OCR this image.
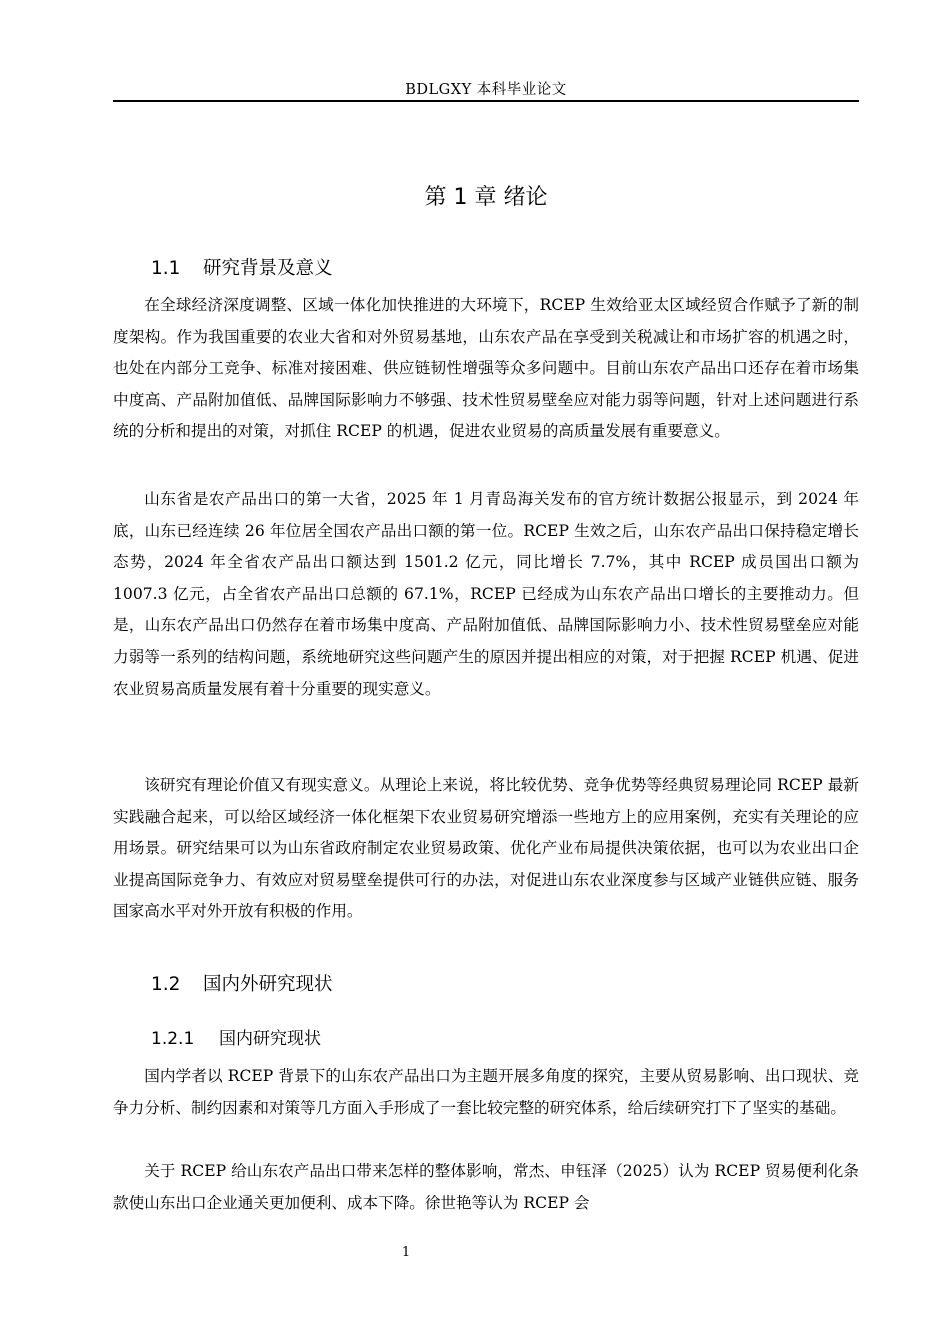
BDLGXY 本科毕业论文
第 1 章 绪论
1.1 研究背景及意义

在全球经济深度调整、区域一体化加快推进的大环境下，RCEP 生效给亚太区域经贸合作赋予了新的制度架构。作为我国重要的农业大省和对外贸易基地，山东农产品在享受到关税减让和市场扩容的机遇之时，也处在内部分工竞争、标准对接困难、供应链韧性增强等众多问题中。目前山东农产品出口还存在着市场集中度高、产品附加值低、品牌国际影响力不够强、技术性贸易壁垒应对能力弱等问题，针对上述问题进行系统的分析和提出的对策，对抓住 RCEP 的机遇，促进农业贸易的高质量发展有重要意义。

山东省是农产品出口的第一大省，2025 年 1 月青岛海关发布的官方统计数据公报显示，到 2024 年底，山东已经连续 26 年位居全国农产品出口额的第一位。RCEP 生效之后，山东农产品出口保持稳定增长态势，2024 年全省农产品出口额达到 1501.2 亿元，同比增长 7.7%，其中 RCEP 成员国出口额为 1007.3 亿元，占全省农产品出口总额的 67.1%，RCEP 已经成为山东农产品出口增长的主要推动力。但是，山东农产品出口仍然存在着市场集中度高、产品附加值低、品牌国际影响力小、技术性贸易壁垒应对能力弱等一系列的结构问题，系统地研究这些问题产生的原因并提出相应的对策，对于把握 RCEP 机遇、促进农业贸易高质量发展有着十分重要的现实意义。

该研究有理论价值又有现实意义。从理论上来说，将比较优势、竞争优势等经典贸易理论同 RCEP 最新实践融合起来，可以给区域经济一体化框架下农业贸易研究增添一些地方上的应用案例，充实有关理论的应用场景。研究结果可以为山东省政府制定农业贸易政策、优化产业布局提供决策依据，也可以为农业出口企业提高国际竞争力、有效应对贸易壁垒提供可行的办法，对促进山东农业深度参与区域产业链供应链、服务国家高水平对外开放有积极的作用。

1.2 国内外研究现状
1.2.1 国内研究现状

国内学者以 RCEP 背景下的山东农产品出口为主题开展多角度的探究，主要从贸易影响、出口现状、竞争力分析、制约因素和对策等几方面入手形成了一套比较完整的研究体系，给后续研究打下了坚实的基础。

关于 RCEP 给山东农产品出口带来怎样的整体影响，常杰、申钰泽（2025）认为 RCEP 贸易便利化条款使山东出口企业通关更加便利、成本下降。徐世艳等认为 RCEP 会

1
